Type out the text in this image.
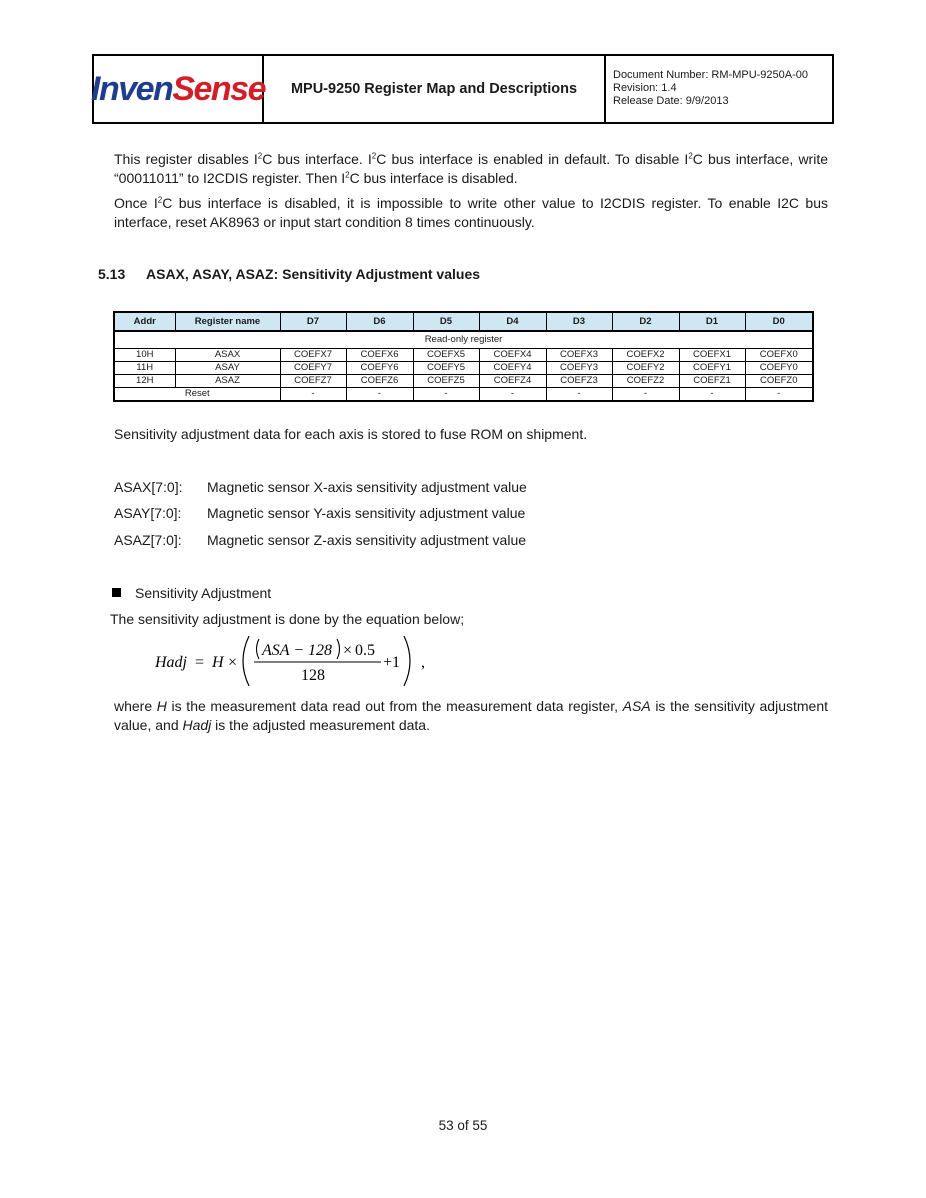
InvenSense	MPU-9250 Register Map and Descriptions
Document Number: RM-MPU-9250A-00
Revision: 1.4
Release Date: 9/9/2013

This register disables $I^2C$ bus interface. $I^2C$ bus interface is enabled in default. To disable $I^2C$ bus interface, write “00011011” to I2CDIS register. Then $I^2C$ bus interface is disabled.

Once $I^2C$ bus interface is disabled, it is impossible to write other value to I2CDIS register. To enable I2C bus interface, reset AK8963 or input start condition 8 times continuously.

5.13 ASAX, ASAY, ASAZ: Sensitivity Adjustment values
Addr	Register name	D7	D6	D5	D4	D3	D2	D1	D0
Read-only register									
10H	ASAX	COEFX7	COEFX6	COEFX5	COEFX4	COEFX3	COEFX2	COEFX1	COEFX0
11H	ASAY	COEFY7	COEFY6	COEFY5	COEFY4	COEFY3	COEFY2	COEFY1	COEFY0
12H	ASAZ	COEFZ7	COEFZ6	COEFZ5	COEFZ4	COEFZ3	COEFZ2	COEFZ1	COEFZ0
Reset		-	-	-	-	-	-	-	-

Sensitivity adjustment data for each axis is stored to fuse ROM on shipment.

ASAX[7:0]: Magnetic sensor X-axis sensitivity adjustment value
ASAY[7:0]: Magnetic sensor Y-axis sensitivity adjustment value
ASAZ[7:0]: Magnetic sensor Z-axis sensitivity adjustment value
Sensitivity Adjustment

The sensitivity adjustment is done by the equation below;

Hadj = H ×
ASA − 128 × 0.5
128
+1 ,

where H is the measurement data read out from the measurement data register, ASA is the sensitivity adjustment value, and Hadj is the adjusted measurement data.

53 of 55
